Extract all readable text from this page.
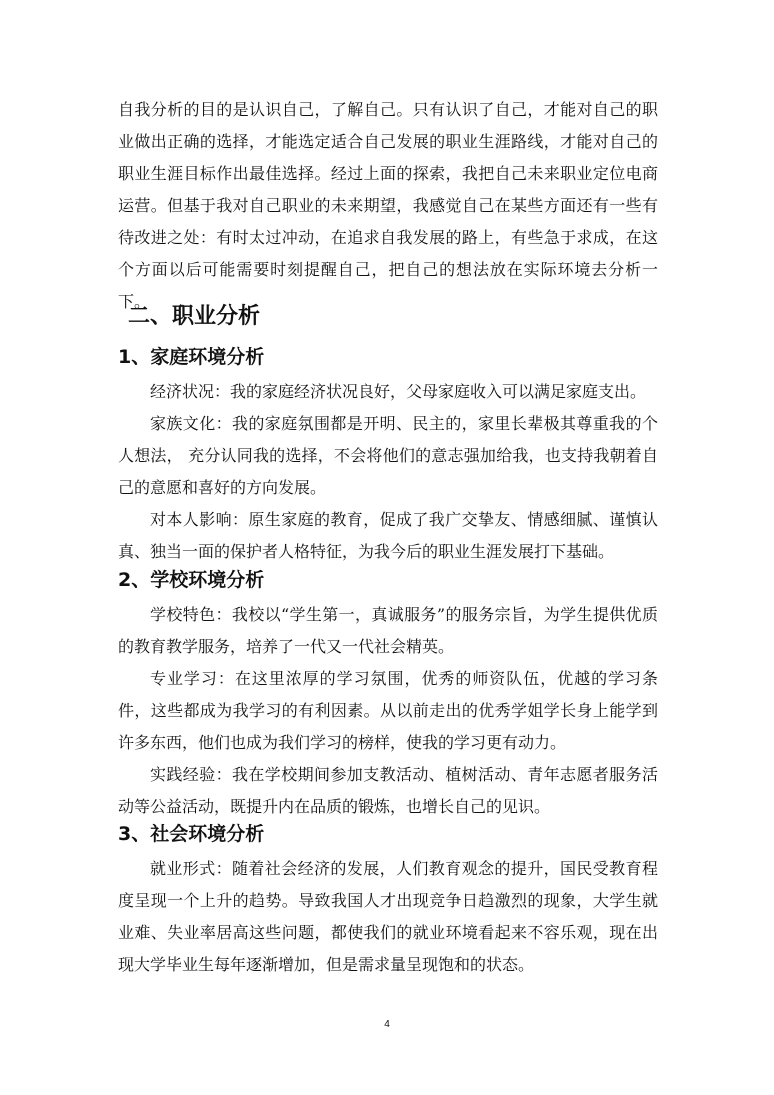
自我分析的目的是认识自己，了解自己。只有认识了自己，才能对自己的职业做出正确的选择，才能选定适合自己发展的职业生涯路线，才能对自己的职业生涯目标作出最佳选择。经过上面的探索，我把自己未来职业定位电商运营。但基于我对自己职业的未来期望，我感觉自己在某些方面还有一些有待改进之处：有时太过冲动，在追求自我发展的路上，有些急于求成，在这个方面以后可能需要时刻提醒自己，把自己的想法放在实际环境去分析一下。

二、职业分析
1、家庭环境分析

经济状况：我的家庭经济状况良好，父母家庭收入可以满足家庭支出。

家族文化：我的家庭氛围都是开明、民主的，家里长辈极其尊重我的个人想法， 充分认同我的选择，不会将他们的意志强加给我，也支持我朝着自己的意愿和喜好的方向发展。

对本人影响：原生家庭的教育，促成了我广交挚友、情感细腻、谨慎认真、独当一面的保护者人格特征，为我今后的职业生涯发展打下基础。

2、学校环境分析

学校特色：我校以“学生第一，真诚服务”的服务宗旨，为学生提供优质的教育教学服务，培养了一代又一代社会精英。

专业学习：在这里浓厚的学习氛围，优秀的师资队伍，优越的学习条件，这些都成为我学习的有利因素。从以前走出的优秀学姐学长身上能学到许多东西，他们也成为我们学习的榜样，使我的学习更有动力。

实践经验：我在学校期间参加支教活动、植树活动、青年志愿者服务活动等公益活动，既提升内在品质的锻炼，也增长自己的见识。

3、社会环境分析

就业形式：随着社会经济的发展，人们教育观念的提升，国民受教育程度呈现一个上升的趋势。导致我国人才出现竞争日趋激烈的现象，大学生就业难、失业率居高这些问题，都使我们的就业环境看起来不容乐观，现在出现大学毕业生每年逐渐增加，但是需求量呈现饱和的状态。

4
